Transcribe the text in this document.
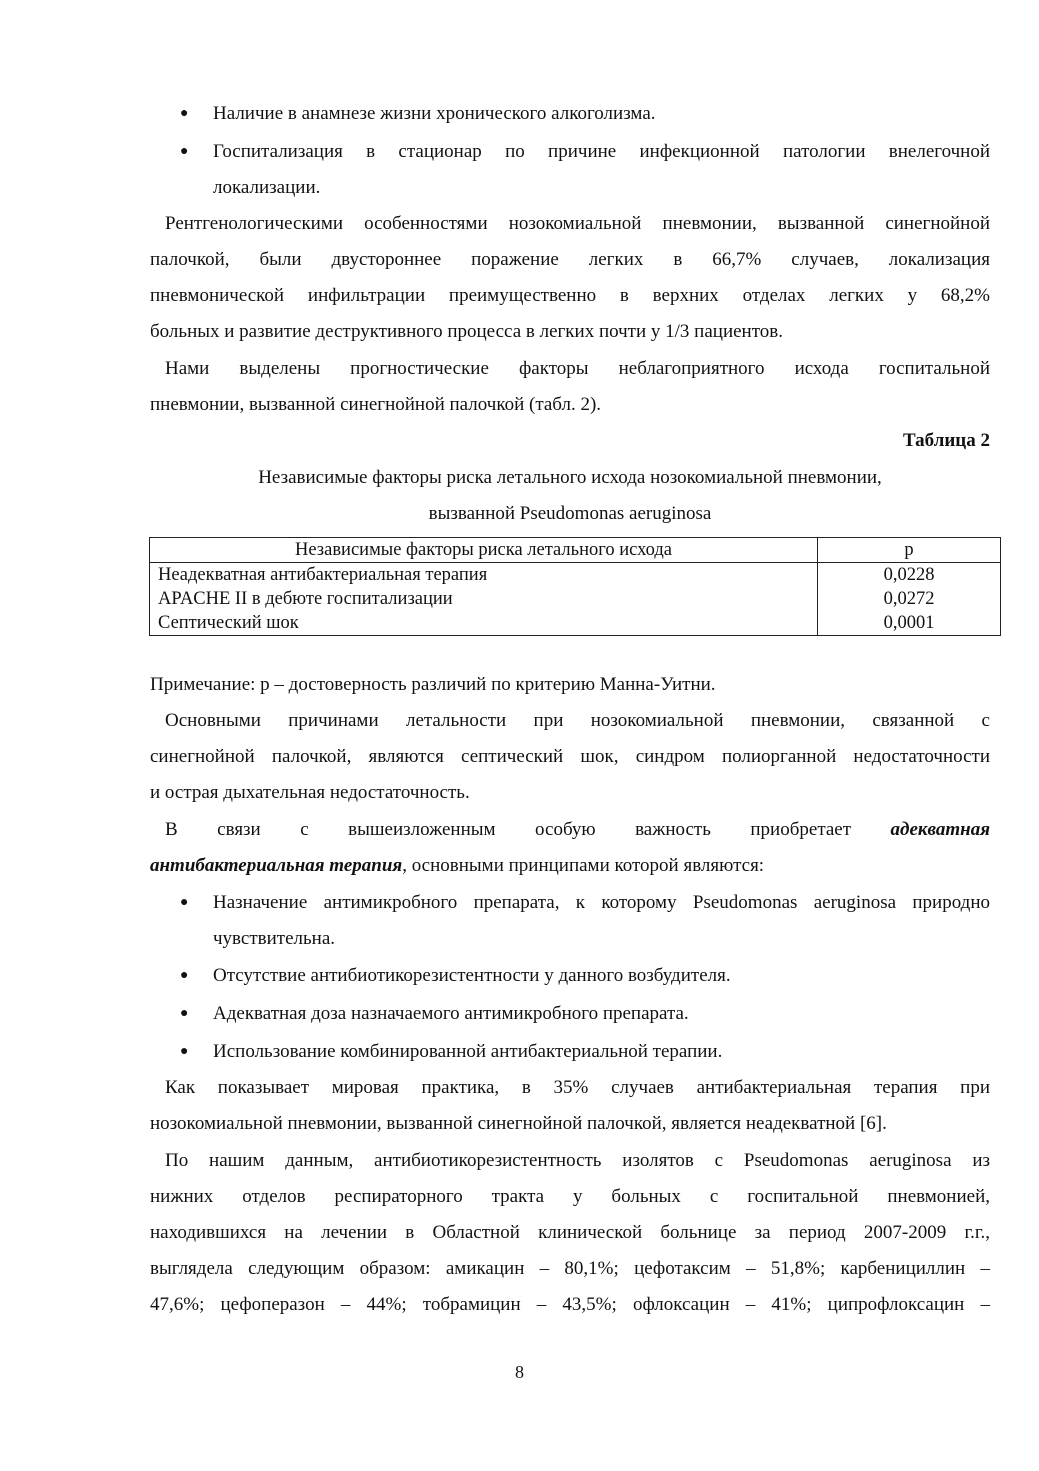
● Наличие в анамнезе жизни хронического алкоголизма.

● Госпитализация в стационар по причине инфекционной патологии внелегочной

локализации.

Рентгенологическими особенностями нозокомиальной пневмонии, вызванной синегнойной

палочкой, были двустороннее поражение легких в 66,7% случаев, локализация

пневмонической инфильтрации преимущественно в верхних отделах легких у 68,2%

больных и развитие деструктивного процесса в легких почти у 1/3 пациентов.

Нами выделены прогностические факторы неблагоприятного исхода госпитальной

пневмонии, вызванной синегнойной палочкой (табл. 2).

Таблица 2
Независимые факторы риска летального исхода нозокомиальной пневмонии,
вызванной Pseudomonas aeruginosa
Независимые факторы риска летального исхода	p
Неадекватная антибактериальная терапия	0,0228
APACHE II в дебюте госпитализации	0,0272
Септический шок	0,0001

Примечание: p – достоверность различий по критерию Манна-Уитни.

Основными причинами летальности при нозокомиальной пневмонии, связанной с

синегнойной палочкой, являются септический шок, синдром полиорганной недостаточности

и острая дыхательная недостаточность.

В связи с вышеизложенным особую важность приобретает адекватная

антибактериальная терапия, основными принципами которой являются:

● Назначение антимикробного препарата, к которому Pseudomonas aeruginosa природно

чувствительна.

● Отсутствие антибиотикорезистентности у данного возбудителя.

● Адекватная доза назначаемого антимикробного препарата.

● Использование комбинированной антибактериальной терапии.

Как показывает мировая практика, в 35% случаев антибактериальная терапия при

нозокомиальной пневмонии, вызванной синегнойной палочкой, является неадекватной [6].

По нашим данным, антибиотикорезистентность изолятов с Pseudomonas aeruginosa из

нижних отделов респираторного тракта у больных с госпитальной пневмонией,

находившихся на лечении в Областной клинической больнице за период 2007-2009 г.г.,

выглядела следующим образом: амикацин – 80,1%; цефотаксим – 51,8%; карбенициллин –

47,6%; цефоперазон – 44%; тобрамицин – 43,5%; офлоксацин – 41%; ципрофлоксацин –

8
